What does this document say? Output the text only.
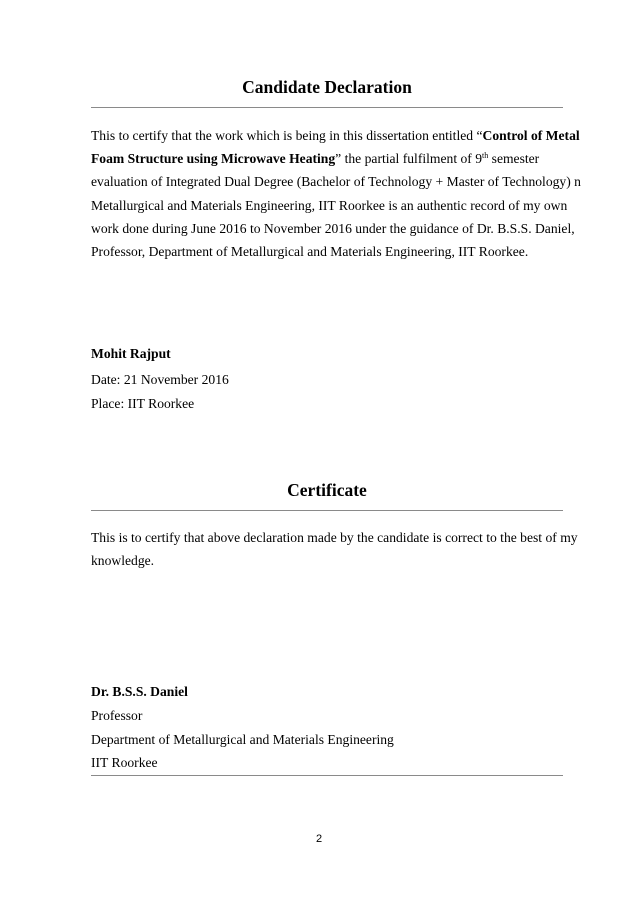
Candidate Declaration
This to certify that the work which is being in this dissertation entitled “Control of Metal
Foam Structure using Microwave Heating” the partial fulfilment of 9th semester
evaluation of Integrated Dual Degree (Bachelor of Technology + Master of Technology) n
Metallurgical and Materials Engineering, IIT Roorkee is an authentic record of my own
work done during June 2016 to November 2016 under the guidance of Dr. B.S.S. Daniel,
Professor, Department of Metallurgical and Materials Engineering, IIT Roorkee.
Mohit Rajput
Date: 21 November 2016
Place: IIT Roorkee
Certificate
This is to certify that above declaration made by the candidate is correct to the best of my
knowledge.
Dr. B.S.S. Daniel
Professor
Department of Metallurgical and Materials Engineering
IIT Roorkee
2
